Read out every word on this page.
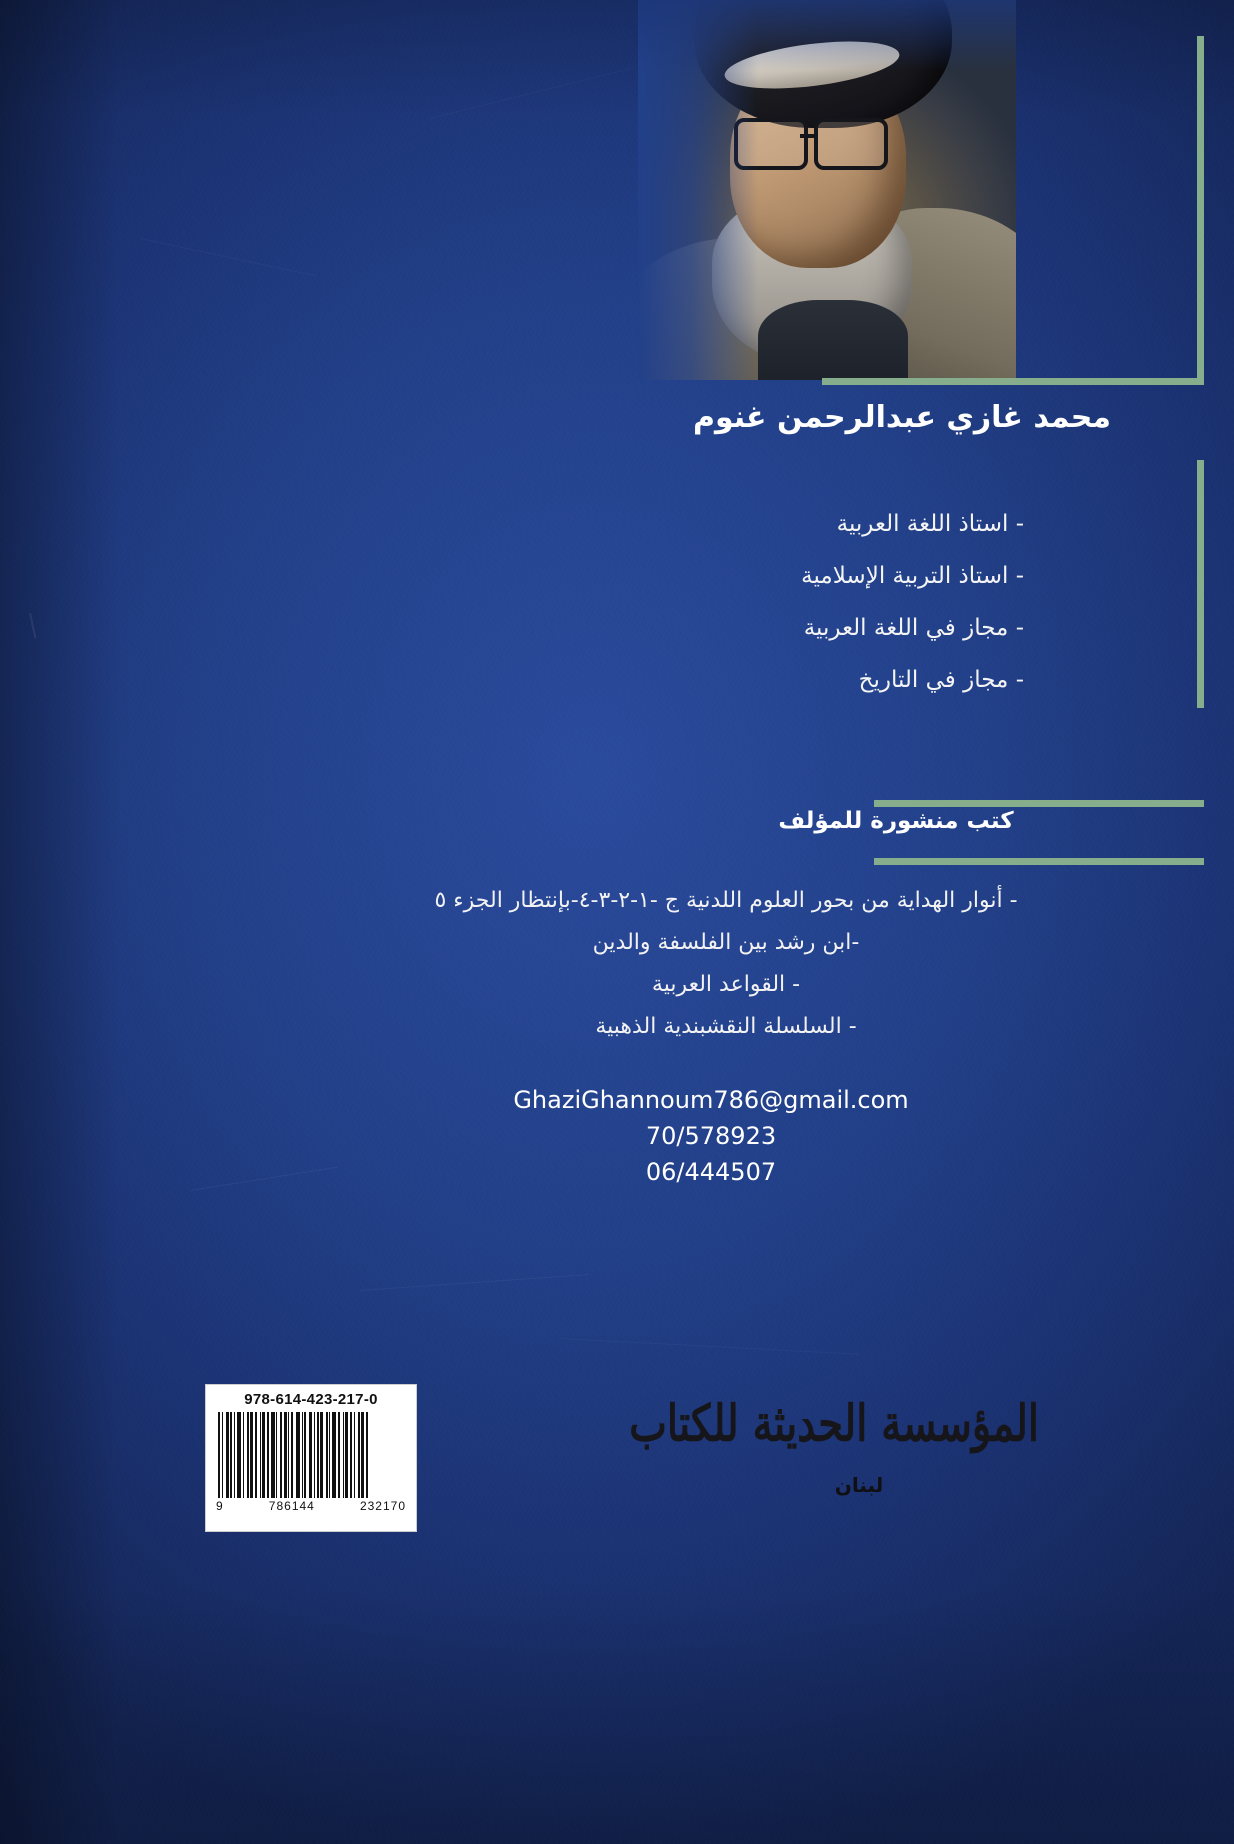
محمد غازي عبدالرحمن غنوم
- استاذ اللغة العربية
- استاذ التربية الإسلامية
- مجاز في اللغة العربية
- مجاز في التاريخ
كتب منشورة للمؤلف
- أنوار الهداية من بحور العلوم اللدنية ج -١-٢-٣-٤-بإنتظار الجزء ٥
-ابن رشد بين الفلسفة والدين
- القواعد العربية
- السلسلة النقشبندية الذهبية
GhaziGhannoum786@gmail.com
70/578923
06/444507
978-614-423-217-0
9	786144	232170
المؤسسة الحديثة للكتاب
لبنان
